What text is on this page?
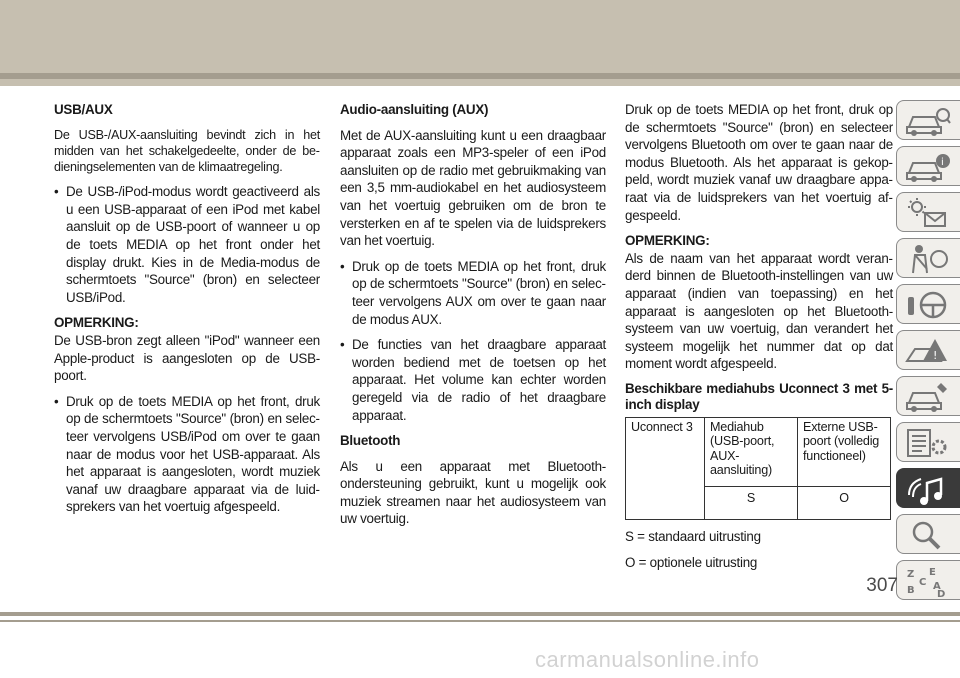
USB/AUX

De USB-/AUX-aansluiting bevindt zich in het midden van het schakelgedeelte, onder de bedieningselementen van de klimaatregeling.

• De USB-/iPod-modus wordt geactiveerd als u een USB-apparaat of een iPod met kabel aansluit op de USB-poort of wanneer u op de toets MEDIA op het front onder het display drukt. Kies in de Media-modus de schermtoets "Source" (bron) en selecteer USB/iPod.

OPMERKING:

De USB-bron zegt alleen "iPod" wanneer een Apple-product is aangesloten op de USB-poort.

• Druk op de toets MEDIA op het front, druk op de schermtoets "Source" (bron) en selecteer vervolgens USB/iPod om over te gaan naar de modus voor het USB-apparaat. Als het apparaat is aangesloten, wordt muziek vanaf uw draagbare apparaat via de luidsprekers van het voertuig afgespeeld.
Audio-aansluiting (AUX)

Met de AUX-aansluiting kunt u een draagbaar apparaat zoals een MP3-speler of een iPod aansluiten op de radio met gebruikmaking van een 3,5 mm-audiokabel en het audiosysteem van het voertuig gebruiken om de bron te versterken en af te spelen via de luidsprekers van het voertuig.

• Druk op de toets MEDIA op het front, druk op de schermtoets "Source" (bron) en selecteer vervolgens AUX om over te gaan naar de modus AUX.
• De functies van het draagbare apparaat worden bediend met de toetsen op het apparaat. Het volume kan echter worden geregeld via de radio of het draagbare apparaat.
Bluetooth

Als u een apparaat met Bluetooth-ondersteuning gebruikt, kunt u mogelijk ook muziek streamen naar het audiosysteem van uw voertuig.

Druk op de toets MEDIA op het front, druk op de schermtoets "Source" (bron) en selecteer vervolgens Bluetooth om over te gaan naar de modus Bluetooth. Als het apparaat is gekoppeld, wordt muziek vanaf uw draagbare apparaat via de luidsprekers van het voertuig afgespeeld.

OPMERKING:

Als de naam van het apparaat wordt veranderd binnen de Bluetooth-instellingen van uw apparaat (indien van toepassing) en het apparaat is aangesloten op het Bluetooth-systeem van uw voertuig, dan verandert het systeem mogelijk het nummer dat op dat moment wordt afgespeeld.

Beschikbare mediahubs Uconnect 3 met 5-inch display
Uconnect 3	Mediahub (USB-poort, AUX-aansluiting)	Externe USB-poort (volledig functioneel)
	S	O

S = standaard uitrusting

O = optionele uitrusting

i
!
Z E
B
C A
D
307
carmanualsonline.info
